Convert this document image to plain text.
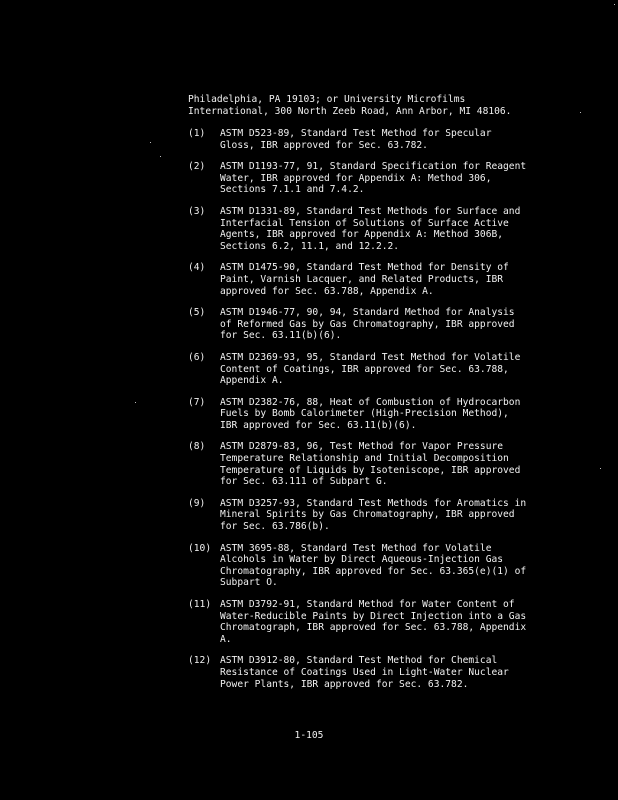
Philadelphia, PA 19103; or University Microfilms
International, 300 North Zeeb Road, Ann Arbor, MI 48106.
(1)	ASTM D523-89, Standard Test Method for Specular
Gloss, IBR approved for Sec. 63.782.
(2)	ASTM D1193-77, 91, Standard Specification for Reagent
Water, IBR approved for Appendix A: Method 306,
Sections 7.1.1 and 7.4.2.
(3)	ASTM D1331-89, Standard Test Methods for Surface and
Interfacial Tension of Solutions of Surface Active
Agents, IBR approved for Appendix A: Method 306B,
Sections 6.2, 11.1, and 12.2.2.
(4)	ASTM D1475-90, Standard Test Method for Density of
Paint, Varnish Lacquer, and Related Products, IBR
approved for Sec. 63.788, Appendix A.
(5)	ASTM D1946-77, 90, 94, Standard Method for Analysis
of Reformed Gas by Gas Chromatography, IBR approved
for Sec. 63.11(b)(6).
(6)	ASTM D2369-93, 95, Standard Test Method for Volatile
Content of Coatings, IBR approved for Sec. 63.788,
Appendix A.
(7)	ASTM D2382-76, 88, Heat of Combustion of Hydrocarbon
Fuels by Bomb Calorimeter (High-Precision Method),
IBR approved for Sec. 63.11(b)(6).
(8)	ASTM D2879-83, 96, Test Method for Vapor Pressure
Temperature Relationship and Initial Decomposition
Temperature of Liquids by Isoteniscope, IBR approved
for Sec. 63.111 of Subpart G.
(9)	ASTM D3257-93, Standard Test Methods for Aromatics in
Mineral Spirits by Gas Chromatography, IBR approved
for Sec. 63.786(b).
(10) ASTM 3695-88, Standard Test Method for Volatile
Alcohols in Water by Direct Aqueous-Injection Gas
Chromatography, IBR approved for Sec. 63.365(e)(1) of
Subpart O.
(11) ASTM D3792-91, Standard Method for Water Content of
Water-Reducible Paints by Direct Injection into a Gas
Chromatograph, IBR approved for Sec. 63.788, Appendix
A.
(12) ASTM D3912-80, Standard Test Method for Chemical
Resistance of Coatings Used in Light-Water Nuclear
Power Plants, IBR approved for Sec. 63.782.
1-105
